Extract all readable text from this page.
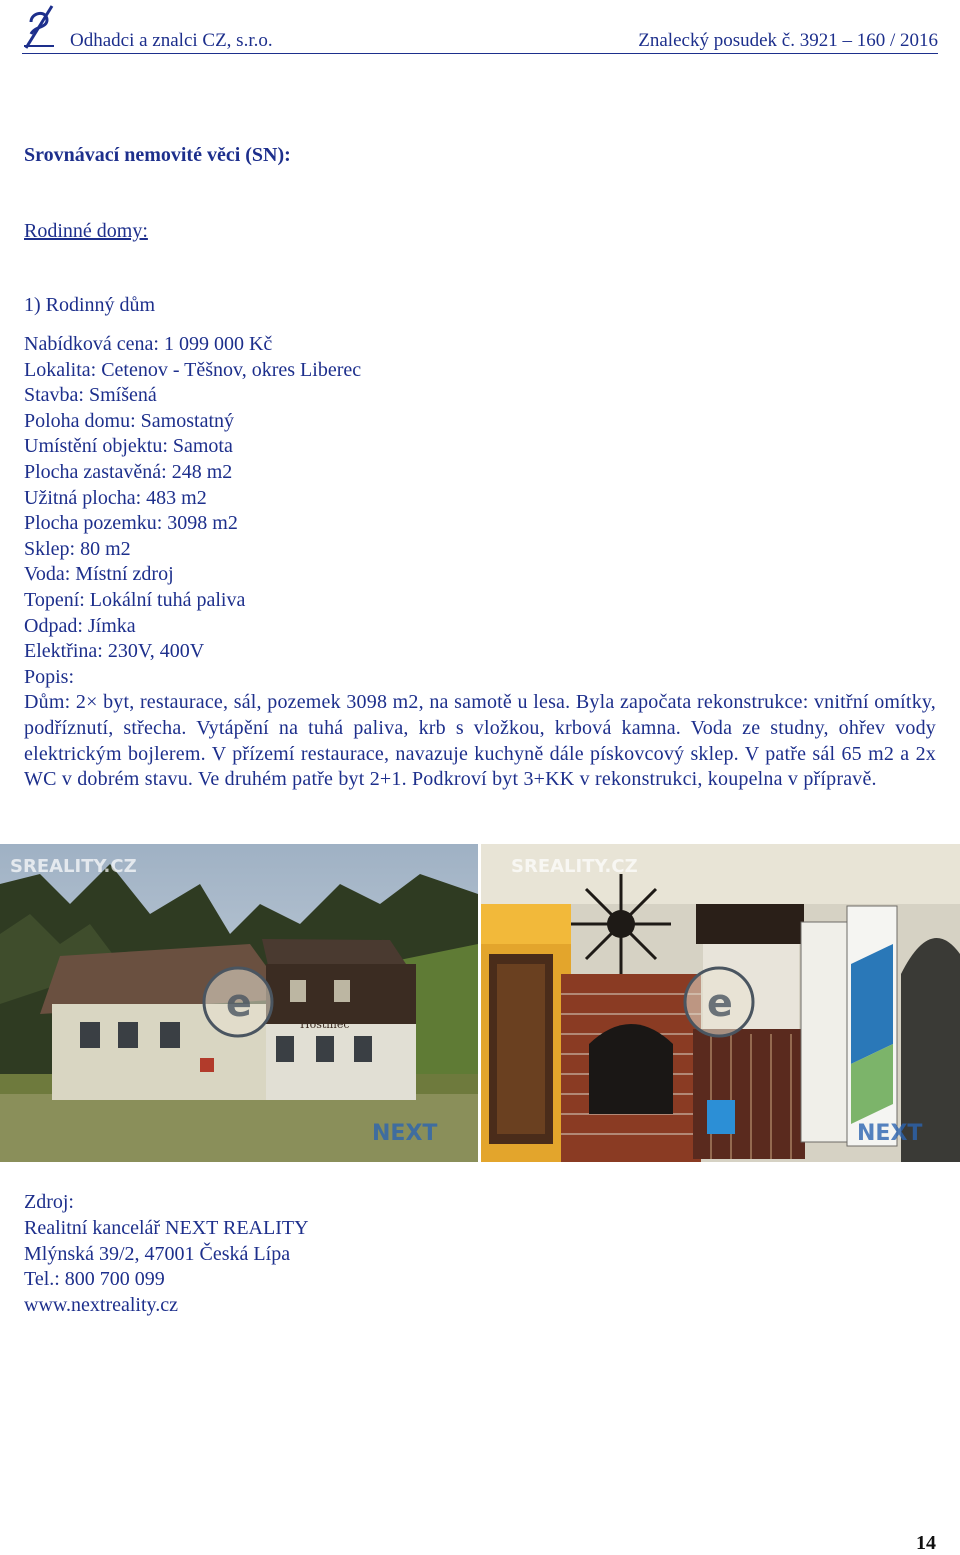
Odhadci a znalci CZ, s.r.o.	Znalecký posudek č. 3921 – 160 / 2016
Srovnávací nemovité věci (SN):
Rodinné domy:
1) Rodinný dům
Nabídková cena: 1 099 000 Kč
Lokalita: Cetenov - Těšnov, okres Liberec
Stavba: Smíšená
Poloha domu: Samostatný
Umístění objektu: Samota
Plocha zastavěná: 248 m2
Užitná plocha: 483 m2
Plocha pozemku: 3098 m2
Sklep: 80 m2
Voda: Místní zdroj
Topení: Lokální tuhá paliva
Odpad: Jímka
Elektřina: 230V, 400V
Popis:
Dům: 2× byt, restaurace, sál, pozemek 3098 m2, na samotě u lesa. Byla započata rekonstrukce: vnitřní omítky, podříznutí, střecha. Vytápění na tuhá paliva, krb s vložkou, krbová kamna. Voda ze studny, ohřev vody elektrickým bojlerem. V přízemí restaurace, navazuje kuchyně dále pískovcový sklep. V patře sál 65 m2 a 2x WC v dobrém stavu. Ve druhém patře byt 2+1. Podkroví byt 3+KK v rekonstrukci, koupelna v přípravě.
Hostinec
e
SREALITY.CZ
NEXT
e
SREALITY.CZ
NEXT
Zdroj:
Realitní kancelář NEXT REALITY
Mlýnská 39/2, 47001 Česká Lípa
Tel.: 800 700 099
www.nextreality.cz
14
